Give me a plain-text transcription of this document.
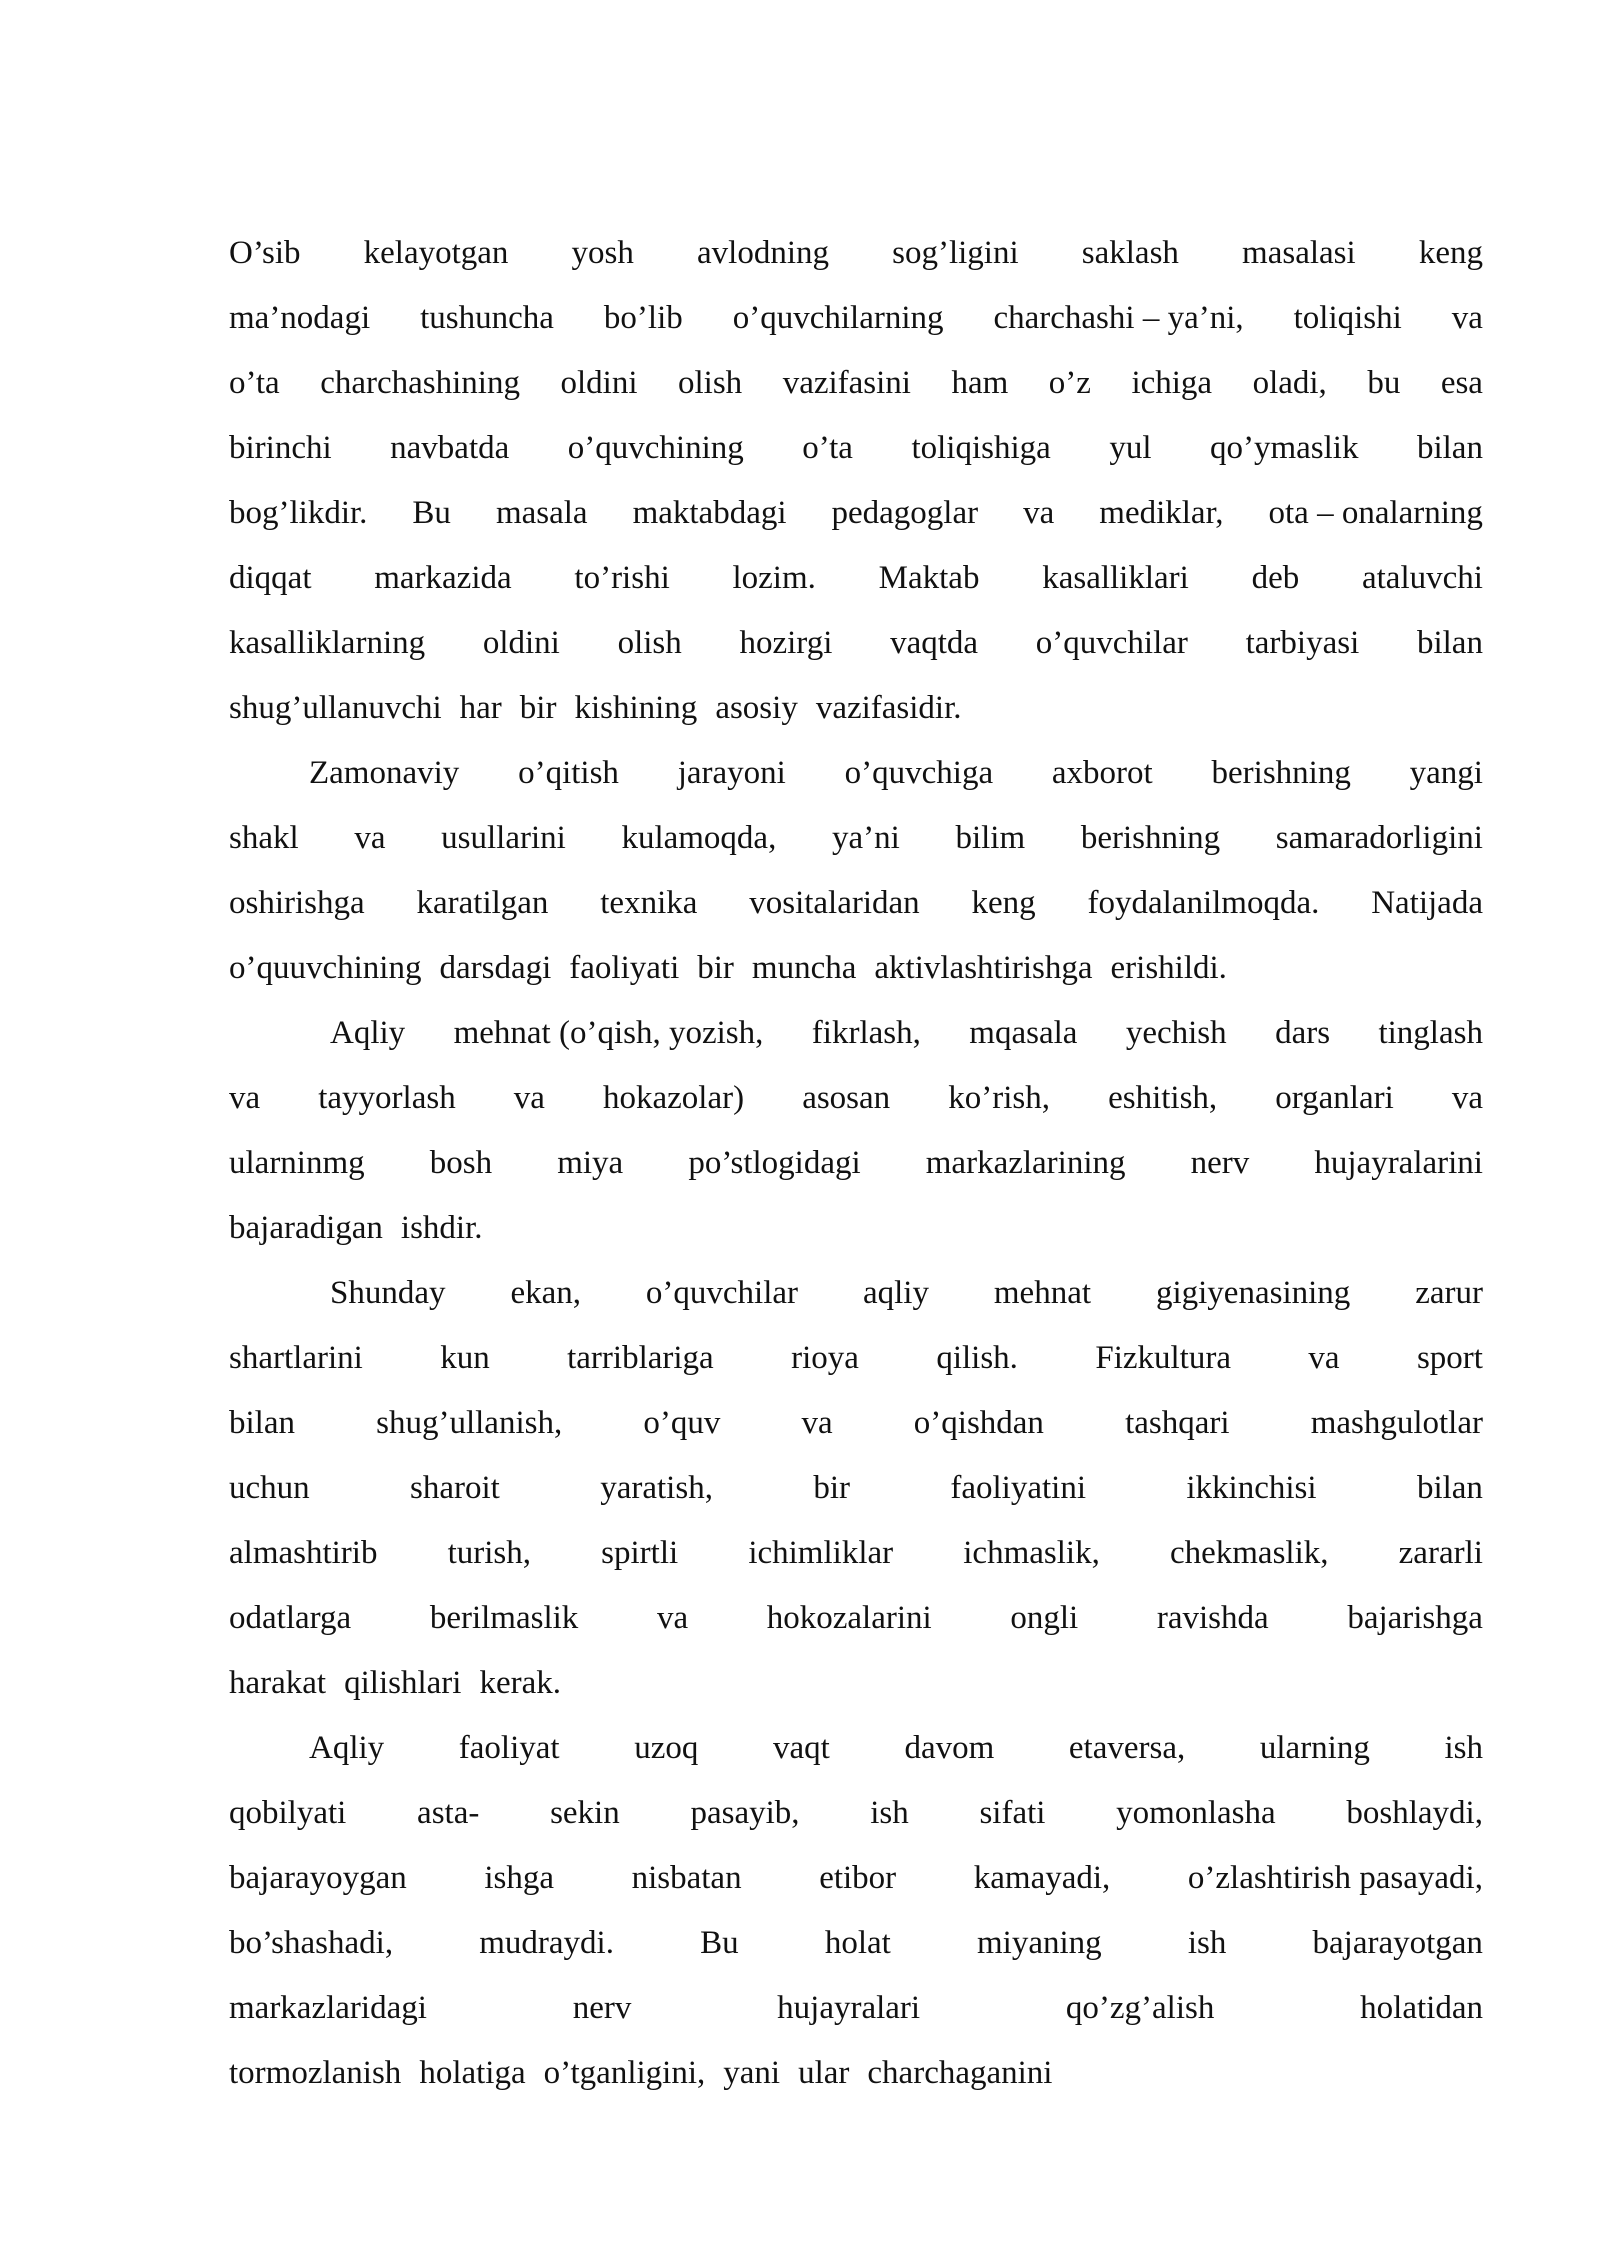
O’sib kelayotgan yosh avlodning sog’ligini saklash masalasi keng
ma’nodagi tushuncha bo’lib o’quvchilarning charchashi – ya’ni, toliqishi va
o’ta charchashining oldini olish vazifasini ham o’z ichiga oladi, bu esa
birinchi navbatda o’quvchining o’ta toliqishiga yul qo’ymaslik bilan
bog’likdir. Bu masala maktabdagi pedagoglar va mediklar, ota – onalarning
diqqat markazida to’rishi lozim. Maktab kasalliklari deb ataluvchi
kasalliklarning oldini olish hozirgi vaqtda o’quvchilar tarbiyasi bilan
shug’ullanuvchi har bir kishining asosiy vazifasidir.
Zamonaviy o’qitish jarayoni o’quvchiga axborot berishning yangi
shakl va usullarini kulamoqda, ya’ni bilim berishning samaradorligini
oshirishga karatilgan texnika vositalaridan keng foydalanilmoqda. Natijada
o’quuvchining darsdagi faoliyati bir muncha aktivlashtirishga erishildi.
Aqliy mehnat (o’qish, yozish, fikrlash, mqasala yechish dars tinglash
va tayyorlash va hokazolar) asosan ko’rish, eshitish, organlari va
ularninmg bosh miya po’stlogidagi markazlarining nerv hujayralarini
bajaradigan ishdir.
Shunday ekan, o’quvchilar aqliy mehnat gigiyenasining zarur
shartlarini kun tarriblariga rioya qilish. Fizkultura va sport
bilan shug’ullanish, o’quv va o’qishdan tashqari mashgulotlar
uchun	sharoit	yaratish,	bir	faoliyatini	ikkinchisi	bilan
almashtirib turish, spirtli ichimliklar ichmaslik, chekmaslik, zararli
odatlarga berilmaslik va hokozalarini ongli ravishda bajarishga
harakat qilishlari kerak.
Aqliy faoliyat uzoq vaqt davom etaversa, ularning ish
qobilyati asta- sekin pasayib, ish sifati yomonlasha boshlaydi,
bajarayoygan ishga nisbatan etibor kamayadi, o’zlashtirish pasayadi,
bo’shashadi,	mudraydi.	Bu	holat	miyaning	ish	bajarayotgan
markazlaridagi	nerv	hujayralari	qo’zg’alish	holatidan
tormozlanish holatiga o’tganligini, yani ular charchaganini
